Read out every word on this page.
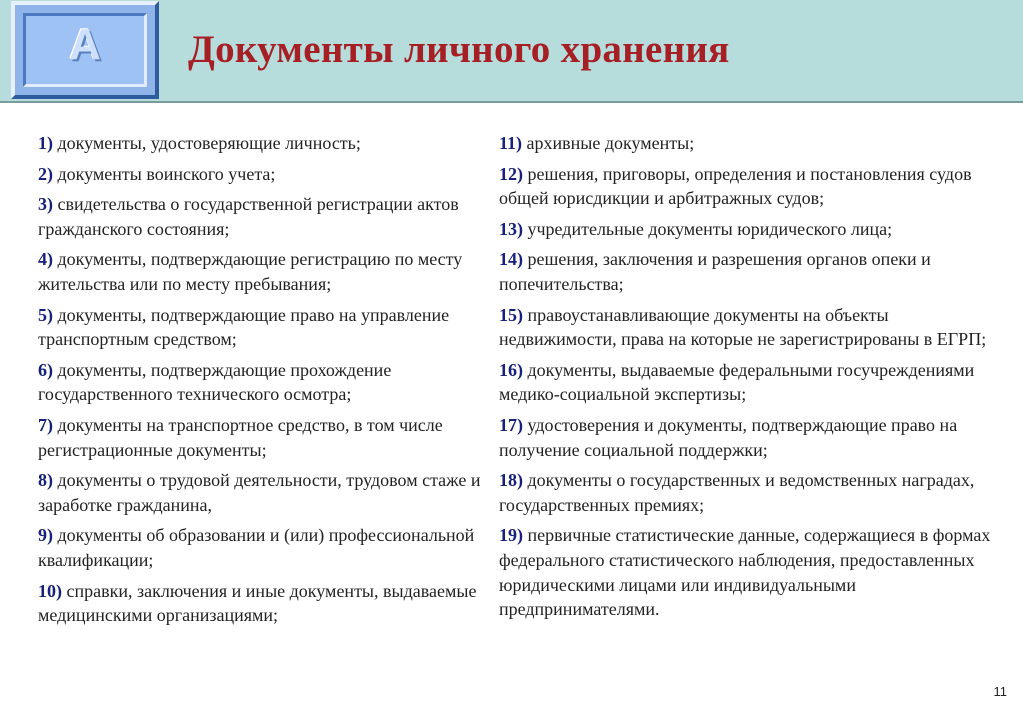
А	Документы личного хранения
1) документы, удостоверяющие личность;
2) документы воинского учета;
3) свидетельства о государственной регистрации актов гражданского состояния;
4) документы, подтверждающие регистрацию по месту жительства или по месту пребывания;
5) документы, подтверждающие право на управление транспортным средством;
6) документы, подтверждающие прохождение государственного технического осмотра;
7) документы на транспортное средство, в том числе регистрационные документы;
8) документы о трудовой деятельности, трудовом стаже и заработке гражданина,
9) документы об образовании и (или) профессиональной квалификации;
10) справки, заключения и иные документы, выдаваемые медицинскими организациями;
11) архивные документы;
12) решения, приговоры, определения и постановления судов общей юрисдикции и арбитражных судов;
13) учредительные документы юридического лица;
14) решения, заключения и разрешения органов опеки и попечительства;
15) правоустанавливающие документы на объекты недвижимости, права на которые не зарегистрированы в ЕГРП;
16) документы, выдаваемые федеральными госучреждениями медико-социальной экспертизы;
17) удостоверения и документы, подтверждающие право на получение социальной поддержки;
18) документы о государственных и ведомственных наградах, государственных премиях;
19) первичные статистические данные, содержащиеся в формах федерального статистического наблюдения, предоставленных юридическими лицами или индивидуальными предпринимателями.
11
